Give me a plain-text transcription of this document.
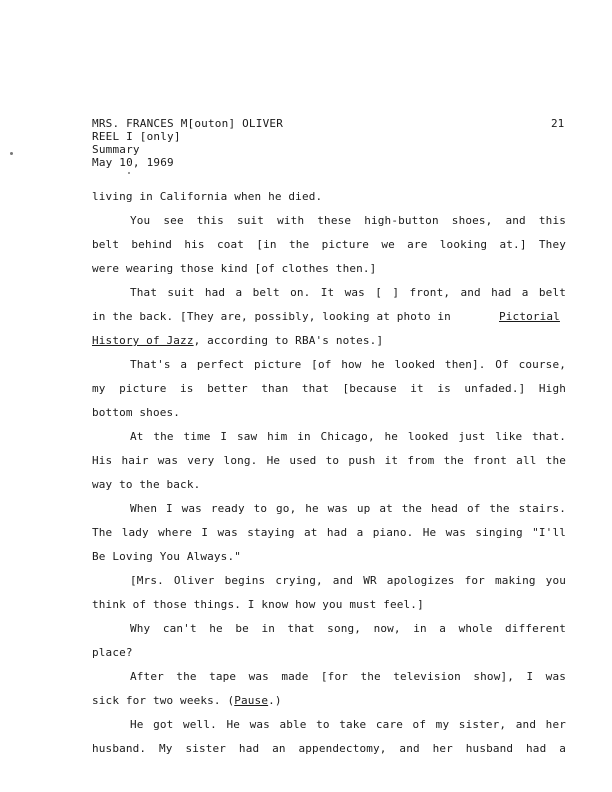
MRS. FRANCES M[outon] OLIVER	21
REEL I [only]
Summary
May 10, 1969
living in California when he died.
You see this suit with these high-button shoes, and this
belt behind his coat [in the picture we are looking at.] They
were wearing those kind [of clothes then.]
That suit had a belt on. It was [ ] front, and had a belt
in the back. [They are, possibly, looking at photo in	Pictorial
History of Jazz, according to RBA's notes.]
That's a perfect picture [of how he looked then]. Of course,
my picture is better than that [because it is unfaded.] High
bottom shoes.
At the time I saw him in Chicago, he looked just like that.
His hair was very long. He used to push it from the front all the
way to the back.
When I was ready to go, he was up at the head of the stairs.
The lady where I was staying at had a piano. He was singing "I'll
Be Loving You Always."
[Mrs. Oliver begins crying, and WR apologizes for making you
think of those things. I know how you must feel.]
Why can't he be in that song, now, in a whole different
place?
After the tape was made [for the television show], I was
sick for two weeks. (Pause.)
He got well. He was able to take care of my sister, and her
husband. My sister had an appendectomy, and her husband had a
